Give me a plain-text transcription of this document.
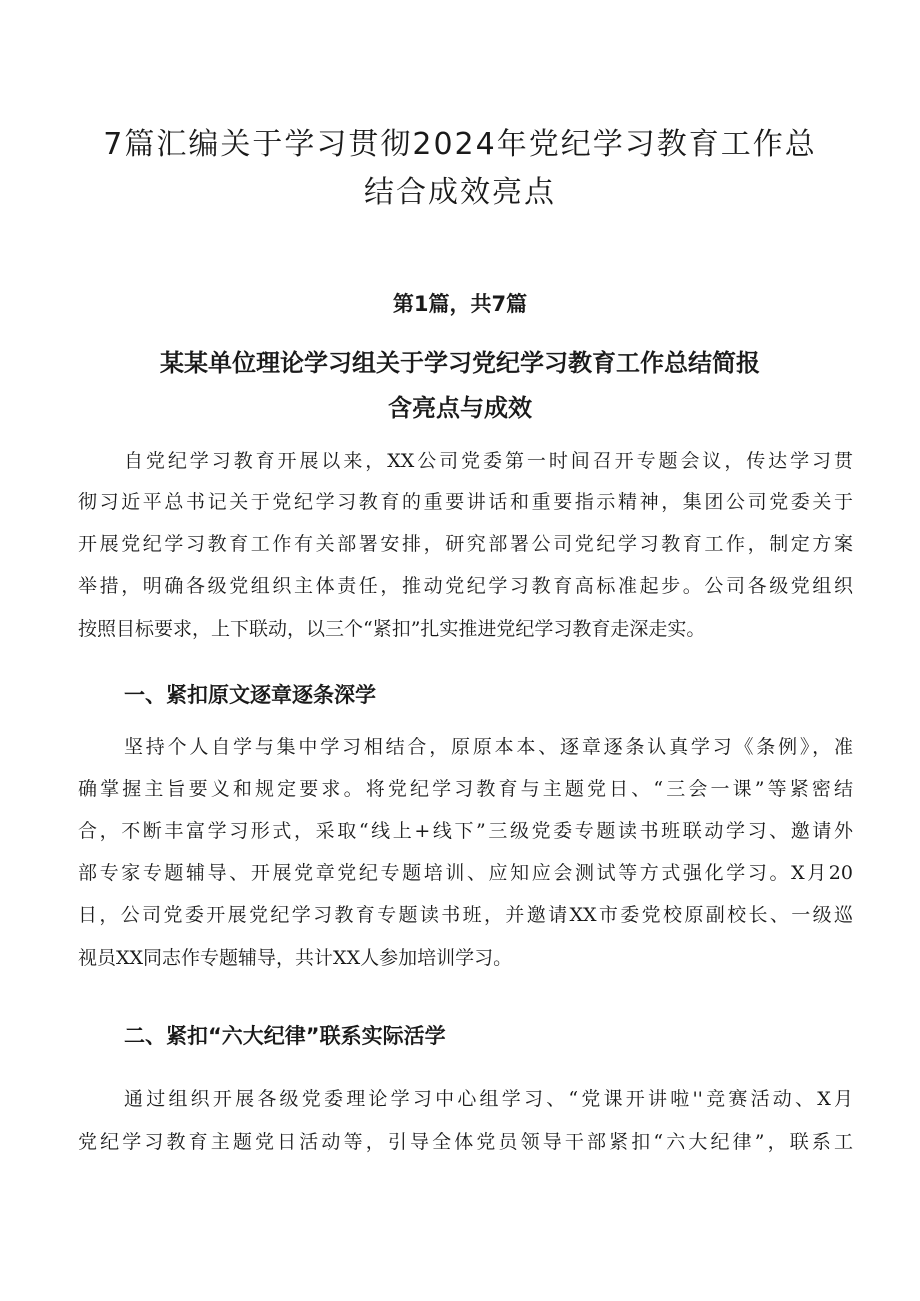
7篇汇编关于学习贯彻2024年党纪学习教育工作总
结合成效亮点
第1篇，共7篇
某某单位理论学习组关于学习党纪学习教育工作总结简报
含亮点与成效
自党纪学习教育开展以来，XX公司党委第一时间召开专题会议，传达学习贯
彻习近平总书记关于党纪学习教育的重要讲话和重要指示精神，集团公司党委关于
开展党纪学习教育工作有关部署安排，研究部署公司党纪学习教育工作，制定方案
举措，明确各级党组织主体责任，推动党纪学习教育高标准起步。公司各级党组织
按照目标要求，上下联动，以三个“紧扣”扎实推进党纪学习教育走深走实。
一、紧扣原文逐章逐条深学
坚持个人自学与集中学习相结合，原原本本、逐章逐条认真学习《条例》，准
确掌握主旨要义和规定要求。将党纪学习教育与主题党日、“三会一课”等紧密结
合，不断丰富学习形式，采取“线上+线下”三级党委专题读书班联动学习、邀请外
部专家专题辅导、开展党章党纪专题培训、应知应会测试等方式强化学习。X月20
日，公司党委开展党纪学习教育专题读书班，并邀请XX市委党校原副校长、一级巡
视员XX同志作专题辅导，共计XX人参加培训学习。
二、紧扣“六大纪律”联系实际活学
通过组织开展各级党委理论学习中心组学习、“党课开讲啦''竞赛活动、X月
党纪学习教育主题党日活动等，引导全体党员领导干部紧扣“六大纪律”，联系工
